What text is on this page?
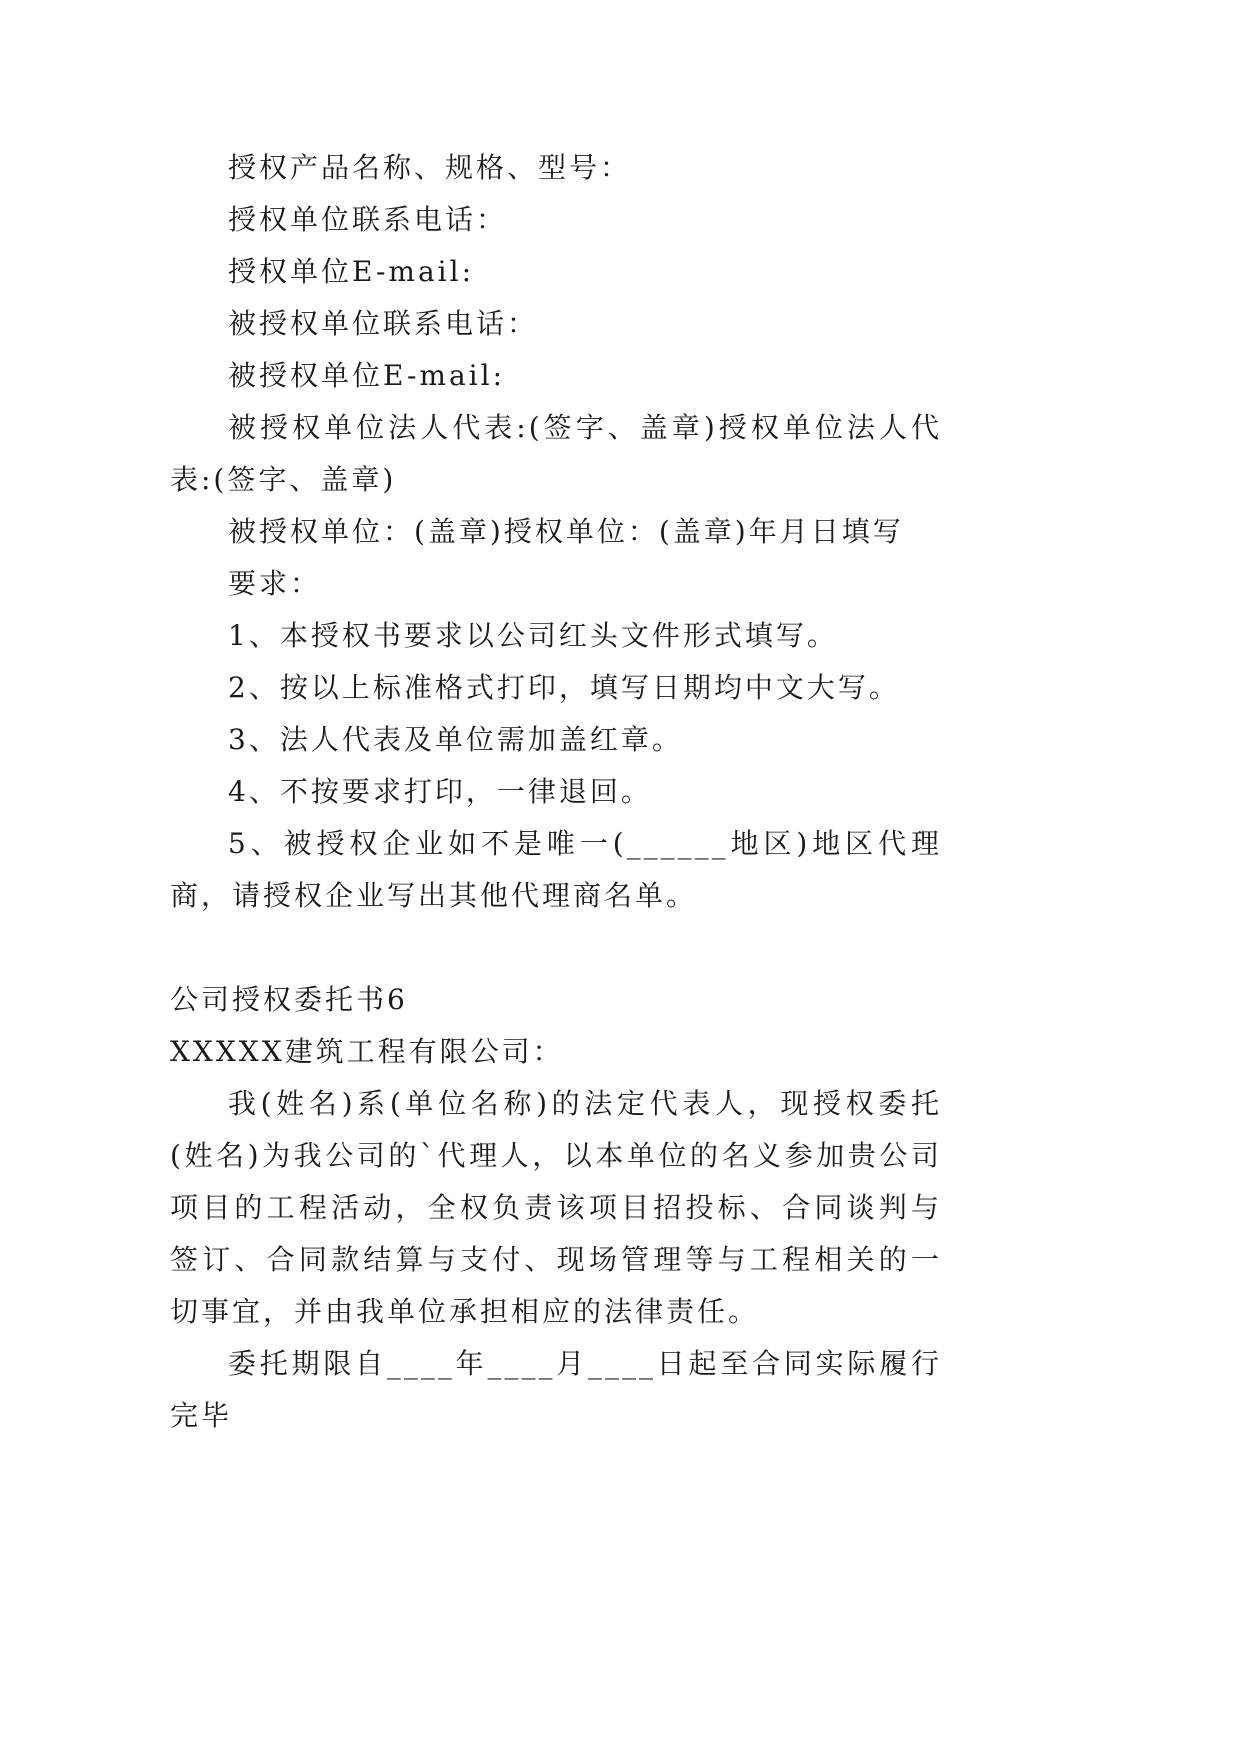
授权产品名称、规格、型号：

授权单位联系电话：

授权单位E-mail:

被授权单位联系电话：

被授权单位E-mail:

被授权单位法人代表:(签字、盖章)授权单位法人代表:(签字、盖章)

被授权单位：(盖章)授权单位：(盖章)年月日填写

要求：

1、本授权书要求以公司红头文件形式填写。

2、按以上标准格式打印，填写日期均中文大写。

3、法人代表及单位需加盖红章。

4、不按要求打印，一律退回。

5、被授权企业如不是唯一(______地区)地区代理商，请授权企业写出其他代理商名单。

公司授权委托书6

XXXXX建筑工程有限公司：

我(姓名)系(单位名称)的法定代表人，现授权委托(姓名)为我公司的`代理人，以本单位的名义参加贵公司项目的工程活动，全权负责该项目招投标、合同谈判与签订、合同款结算与支付、现场管理等与工程相关的一切事宜，并由我单位承担相应的法律责任。

委托期限自____年____月____日起至合同实际履行完毕
